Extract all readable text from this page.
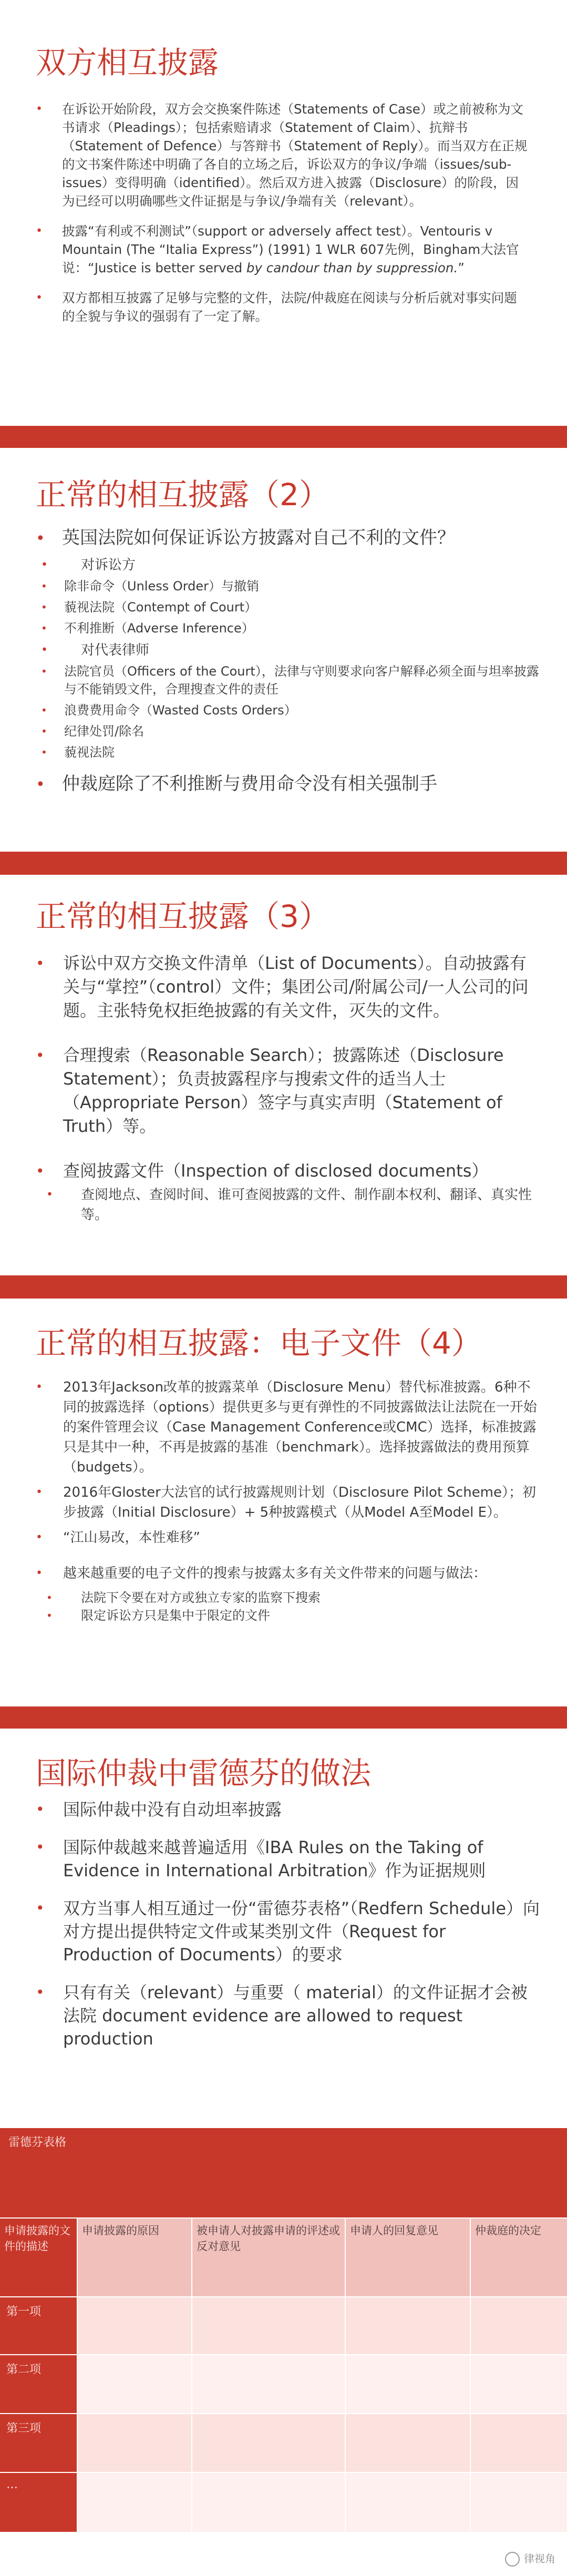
双方相互披露
• 在诉讼开始阶段，双方会交换案件陈述（Statements of Case）或之前被称为文书请求（Pleadings）；包括索赔请求（Statement of Claim）、抗辩书（Statement of Defence）与答辩书（Statement of Reply）。而当双方在正规的文书案件陈述中明确了各自的立场之后，诉讼双方的争议/争端（issues/sub-issues）变得明确（identified）。然后双方进入披露（Disclosure）的阶段，因为已经可以明确哪些文件证据是与争议/争端有关（relevant）。
• 披露“有利或不利测试”（support or adversely affect test）。Ventouris v Mountain (The “Italia Express”) (1991) 1 WLR 607先例，Bingham大法官说：“Justice is better served by candour than by suppression.”
• 双方都相互披露了足够与完整的文件，法院/仲裁庭在阅读与分析后就对事实问题的全貌与争议的强弱有了一定了解。
正常的相互披露（2）
• 英国法院如何保证诉讼方披露对自己不利的文件？
• 对诉讼方
• 除非命令（Unless Order）与撤销
• 藐视法院（Contempt of Court）
• 不利推断（Adverse Inference）
• 对代表律师
• 法院官员（Officers of the Court），法律与守则要求向客户解释必须全面与坦率披露与不能销毁文件，合理搜查文件的责任
• 浪费费用命令（Wasted Costs Orders）
• 纪律处罚/除名
• 藐视法院
• 仲裁庭除了不利推断与费用命令没有相关强制手
正常的相互披露（3）
• 诉讼中双方交换文件清单（List of Documents）。自动披露有关与“掌控”（control）文件；集团公司/附属公司/一人公司的问题。主张特免权拒绝披露的有关文件，灭失的文件。
• 合理搜索（Reasonable Search）；披露陈述（Disclosure Statement）；负责披露程序与搜索文件的适当人士（Appropriate Person）签字与真实声明（Statement of Truth）等。
• 查阅披露文件（Inspection of disclosed documents）
• 查阅地点、查阅时间、谁可查阅披露的文件、制作副本权利、翻译、真实性等。
正常的相互披露：电子文件（4）
• 2013年Jackson改革的披露菜单（Disclosure Menu）替代标准披露。6种不同的披露选择（options）提供更多与更有弹性的不同披露做法让法院在一开始的案件管理会议（Case Management Conference或CMC）选择，标准披露只是其中一种，不再是披露的基准（benchmark）。选择披露做法的费用预算（budgets）。
• 2016年Gloster大法官的试行披露规则计划（Disclosure Pilot Scheme）；初步披露（Initial Disclosure）+ 5种披露模式（从Model A至Model E）。
• “江山易改，本性难移”
• 越来越重要的电子文件的搜索与披露太多有关文件带来的问题与做法：
• 法院下令要在对方或独立专家的监察下搜索
• 限定诉讼方只是集中于限定的文件
国际仲裁中雷德芬的做法
• 国际仲裁中没有自动坦率披露
• 国际仲裁越来越普遍适用《IBA Rules on the Taking of Evidence in International Arbitration》作为证据规则
• 双方当事人相互通过一份“雷德芬表格”（Redfern Schedule）向对方提出提供特定文件或某类别文件（Request for Production of Documents）的要求
• 只有有关（relevant）与重要（ material）的文件证据才会被法院 document evidence are allowed to request production
雷德芬表格
申请披露的文件的描述
申请披露的原因	被申请人对披露申请的评述或反对意见
申请人的回复意见	仲裁庭的决定
第一项
第二项
第三项
…
律视角
